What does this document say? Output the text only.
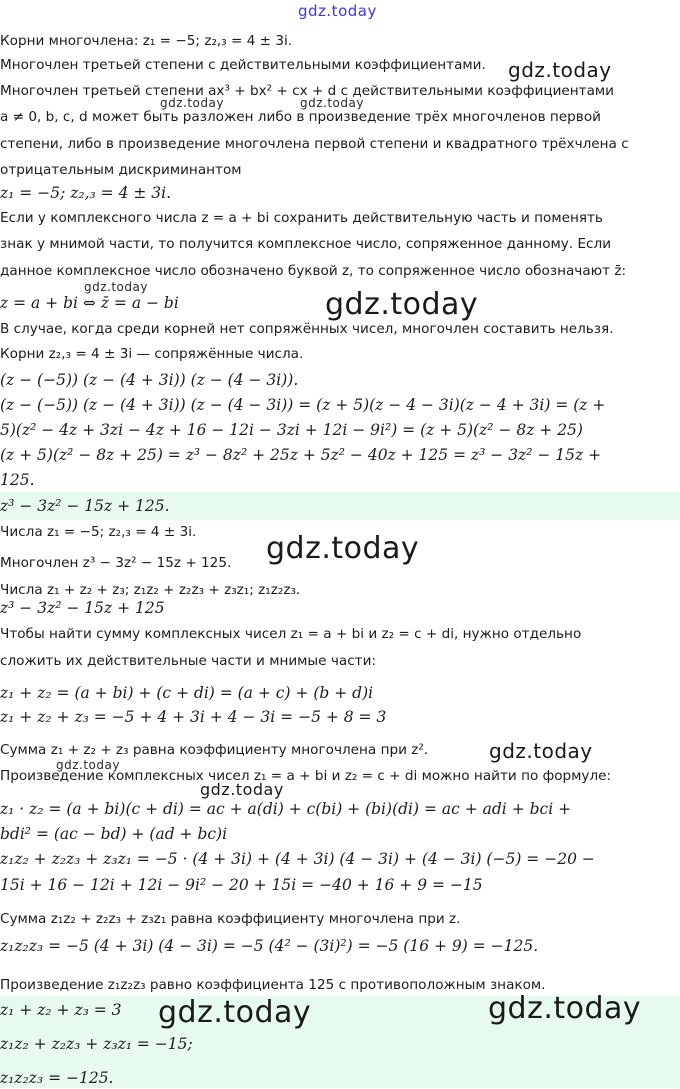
Корни многочлена: z₁ = −5; z₂,₃ = 4 ± 3i.
Многочлен третьей степени с действительными коэффициентами.
Многочлен третьей степени ax³ + bx² + cx + d с действительными коэффициентами
a ≠ 0, b, c, d может быть разложен либо в произведение трёх многочленов первой
степени, либо в произведение многочлена первой степени и квадратного трёхчлена с
отрицательным дискриминантом
z₁ = −5; z₂,₃ = 4 ± 3i.
Если у комплексного числа z = a + bi сохранить действительную часть и поменять
знак у мнимой части, то получится комплексное число, сопряженное данному. Если
данное комплексное число обозначено буквой z, то сопряженное число обозначают z̄:
z = a + bi ⇔ z̄ = a − bi
В случае, когда среди корней нет сопряжённых чисел, многочлен составить нельзя.
Корни z₂,₃ = 4 ± 3i — сопряжённые числа.
(z − (−5)) (z − (4 + 3i)) (z − (4 − 3i)).
(z − (−5)) (z − (4 + 3i)) (z − (4 − 3i)) = (z + 5)(z − 4 − 3i)(z − 4 + 3i) = (z +
5)(z² − 4z + 3zi − 4z + 16 − 12i − 3zi + 12i − 9i²) = (z + 5)(z² − 8z + 25)
(z + 5)(z² − 8z + 25) = z³ − 8z² + 25z + 5z² − 40z + 125 = z³ − 3z² − 15z +
125.
z³ − 3z² − 15z + 125.
Числа z₁ = −5; z₂,₃ = 4 ± 3i.
Многочлен z³ − 3z² − 15z + 125.
Числа z₁ + z₂ + z₃; z₁z₂ + z₂z₃ + z₃z₁; z₁z₂z₃.
z³ − 3z² − 15z + 125
Чтобы найти сумму комплексных чисел z₁ = a + bi и z₂ = c + di, нужно отдельно
сложить их действительные части и мнимые части:
z₁ + z₂ = (a + bi) + (c + di) = (a + c) + (b + d)i
z₁ + z₂ + z₃ = −5 + 4 + 3i + 4 − 3i = −5 + 8 = 3
Сумма z₁ + z₂ + z₃ равна коэффициенту многочлена при z².
Произведение комплексных чисел z₁ = a + bi и z₂ = c + di можно найти по формуле:
z₁ · z₂ = (a + bi)(c + di) = ac + a(di) + c(bi) + (bi)(di) = ac + adi + bci +
bdi² = (ac − bd) + (ad + bc)i
z₁z₂ + z₂z₃ + z₃z₁ = −5 · (4 + 3i) + (4 + 3i) (4 − 3i) + (4 − 3i) (−5) = −20 −
15i + 16 − 12i + 12i − 9i² − 20 + 15i = −40 + 16 + 9 = −15
Сумма z₁z₂ + z₂z₃ + z₃z₁ равна коэффициенту многочлена при z.
z₁z₂z₃ = −5 (4 + 3i) (4 − 3i) = −5 (4² − (3i)²) = −5 (16 + 9) = −125.
Произведение z₁z₂z₃ равно коэффициента 125 с противоположным знаком.
z₁ + z₂ + z₃ = 3
z₁z₂ + z₂z₃ + z₃z₁ = −15;
z₁z₂z₃ = −125.
gdz.today
gdz.today
gdz.today	gdz.today
gdz.today	gdz.today
gdz.today
gdz.today
gdz.today
gdz.today
gdz.today	gdz.today
